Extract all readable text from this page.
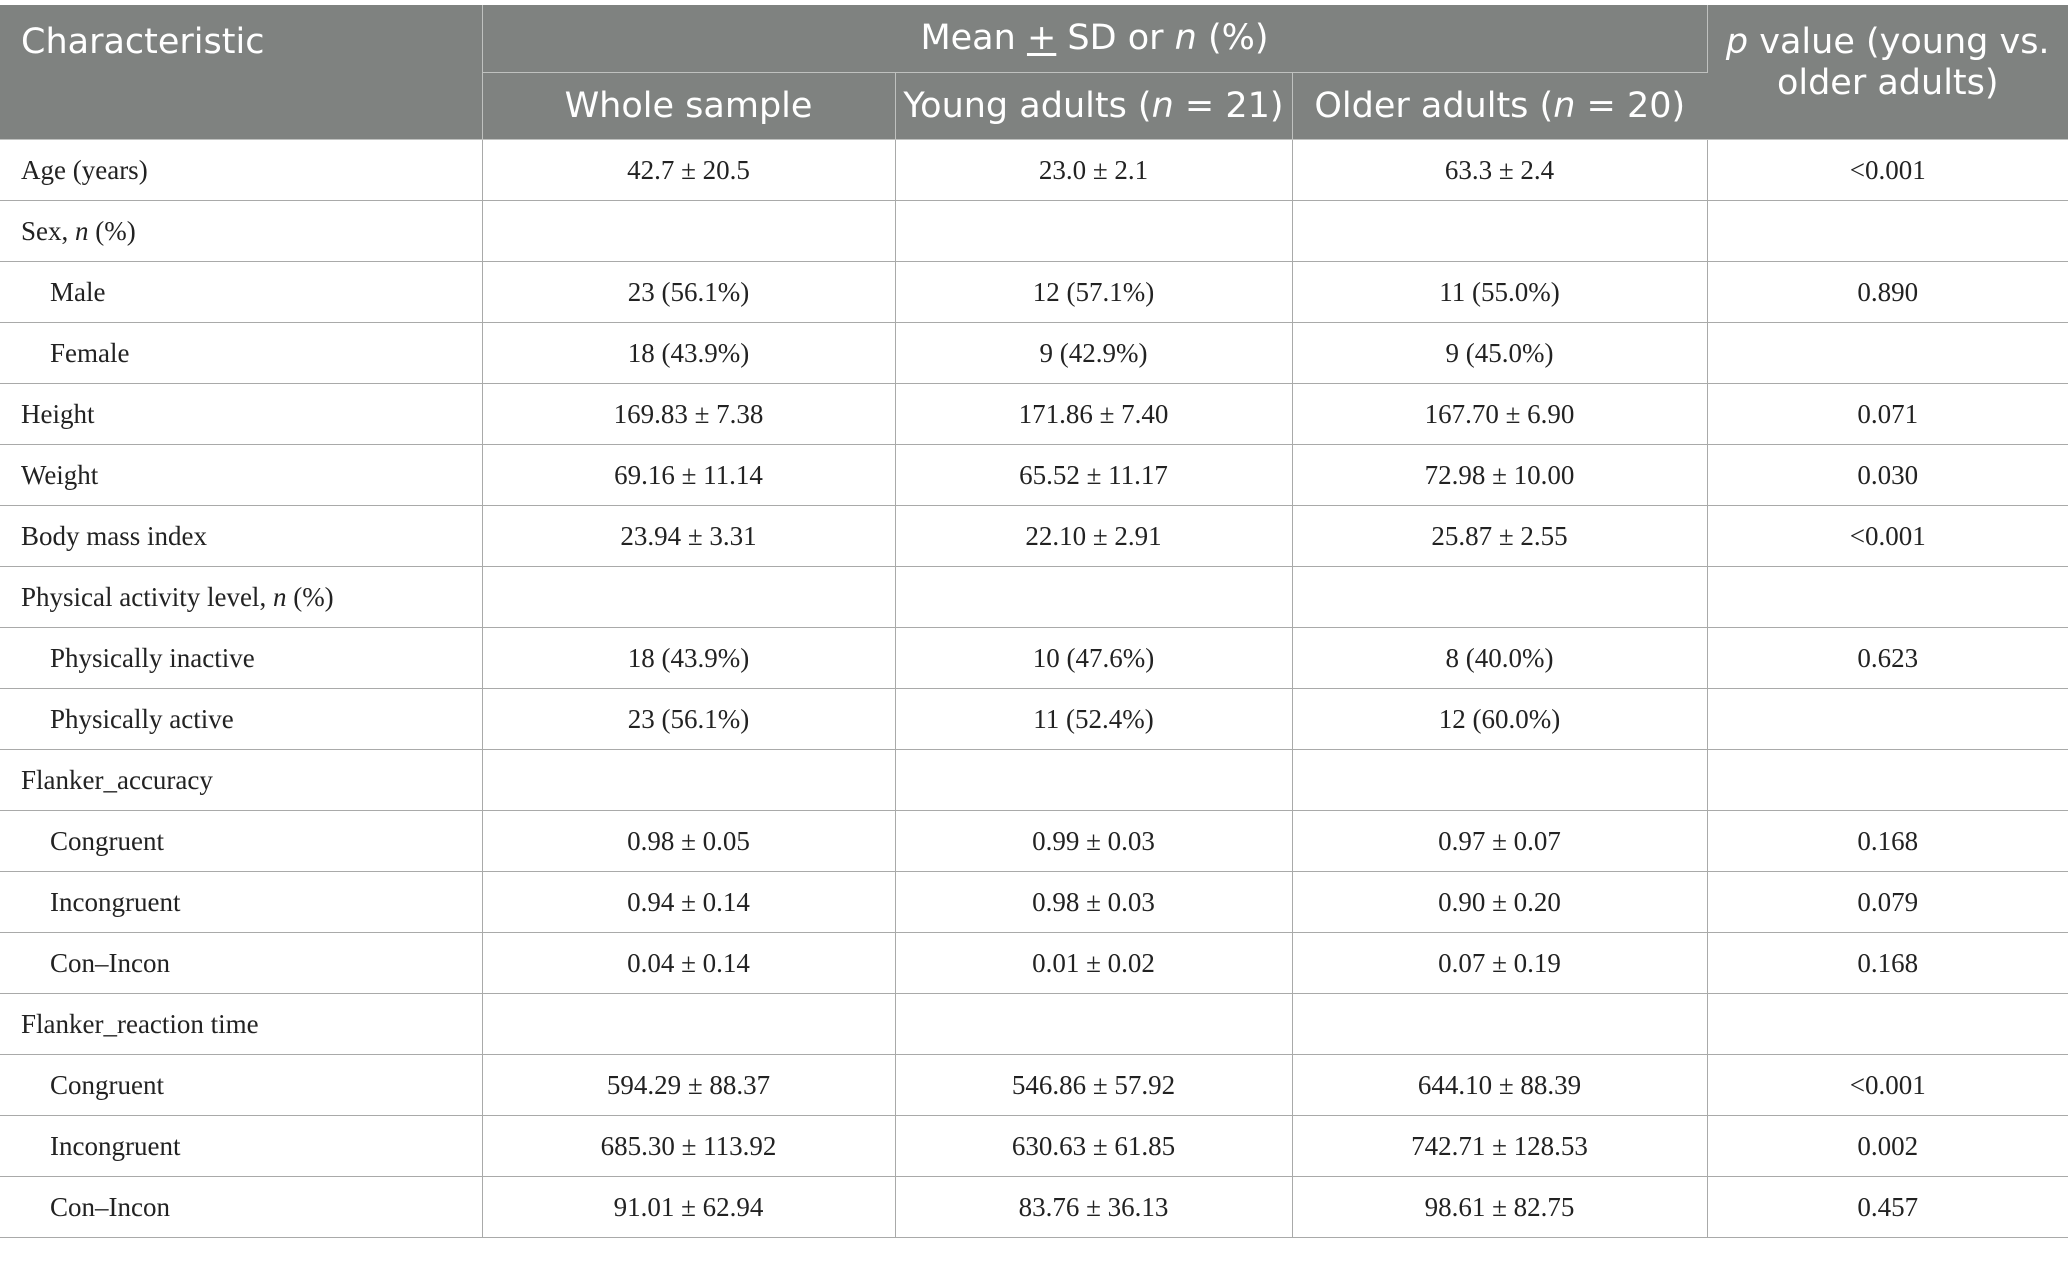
Characteristic	Mean + SD or n (%)			p value (young vs.
older adults)
	Whole sample	Young adults (n = 21)	Older adults (n = 20)	
Age (years)	42.7 ± 20.5	23.0 ± 2.1	63.3 ± 2.4	<0.001
Sex, n (%)				
Male	23 (56.1%)	12 (57.1%)	11 (55.0%)	0.890
Female	18 (43.9%)	9 (42.9%)	9 (45.0%)	
Height	169.83 ± 7.38	171.86 ± 7.40	167.70 ± 6.90	0.071
Weight	69.16 ± 11.14	65.52 ± 11.17	72.98 ± 10.00	0.030
Body mass index	23.94 ± 3.31	22.10 ± 2.91	25.87 ± 2.55	<0.001
Physical activity level, n (%)				
Physically inactive	18 (43.9%)	10 (47.6%)	8 (40.0%)	0.623
Physically active	23 (56.1%)	11 (52.4%)	12 (60.0%)	
Flanker_accuracy				
Congruent	0.98 ± 0.05	0.99 ± 0.03	0.97 ± 0.07	0.168
Incongruent	0.94 ± 0.14	0.98 ± 0.03	0.90 ± 0.20	0.079
Con–Incon	0.04 ± 0.14	0.01 ± 0.02	0.07 ± 0.19	0.168
Flanker_reaction time				
Congruent	594.29 ± 88.37	546.86 ± 57.92	644.10 ± 88.39	<0.001
Incongruent	685.30 ± 113.92	630.63 ± 61.85	742.71 ± 128.53	0.002
Con–Incon	91.01 ± 62.94	83.76 ± 36.13	98.61 ± 82.75	0.457
